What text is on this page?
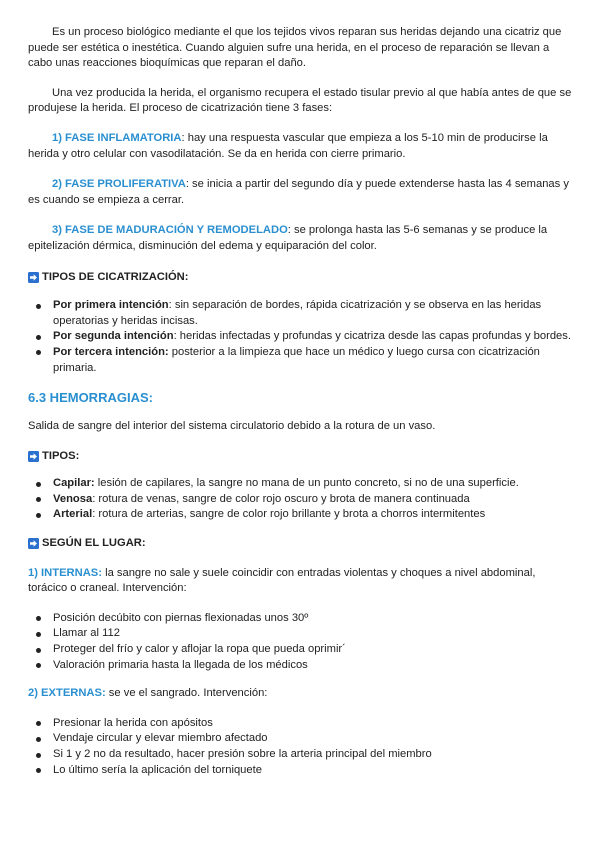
Es un proceso biológico mediante el que los tejidos vivos reparan sus heridas dejando una cicatriz que puede ser estética o inestética. Cuando alguien sufre una herida, en el proceso de reparación se llevan a cabo unas reacciones bioquímicas que reparan el daño.

Una vez producida la herida, el organismo recupera el estado tisular previo al que había antes de que se produjese la herida. El proceso de cicatrización tiene 3 fases:

1) FASE INFLAMATORIA: hay una respuesta vascular que empieza a los 5-10 min de producirse la herida y otro celular con vasodilatación. Se da en herida con cierre primario.

2) FASE PROLIFERATIVA: se inicia a partir del segundo día y puede extenderse hasta las 4 semanas y es cuando se empieza a cerrar.

3) FASE DE MADURACIÓN Y REMODELADO: se prolonga hasta las 5-6 semanas y se produce la epitelización dérmica, disminución del edema y equiparación del color.

TIPOS DE CICATRIZACIÓN:
Por primera intención: sin separación de bordes, rápida cicatrización y se observa en las heridas operatorias y heridas incisas.
Por segunda intención: heridas infectadas y profundas y cicatriza desde las capas profundas y bordes.
Por tercera intención: posterior a la limpieza que hace un médico y luego cursa con cicatrización primaria.
6.3 HEMORRAGIAS:

Salida de sangre del interior del sistema circulatorio debido a la rotura de un vaso.

TIPOS:
Capilar: lesión de capilares, la sangre no mana de un punto concreto, si no de una superficie.
Venosa: rotura de venas, sangre de color rojo oscuro y brota de manera continuada
Arterial: rotura de arterias, sangre de color rojo brillante y brota a chorros intermitentes
SEGÚN EL LUGAR:

1) INTERNAS: la sangre no sale y suele coincidir con entradas violentas y choques a nivel abdominal, torácico o craneal. Intervención:

Posición decúbito con piernas flexionadas unos 30º
Llamar al 112
Proteger del frío y calor y aflojar la ropa que pueda oprimir´
Valoración primaria hasta la llegada de los médicos

2) EXTERNAS: se ve el sangrado. Intervención:

Presionar la herida con apósitos
Vendaje circular y elevar miembro afectado
Si 1 y 2 no da resultado, hacer presión sobre la arteria principal del miembro
Lo último sería la aplicación del torniquete
